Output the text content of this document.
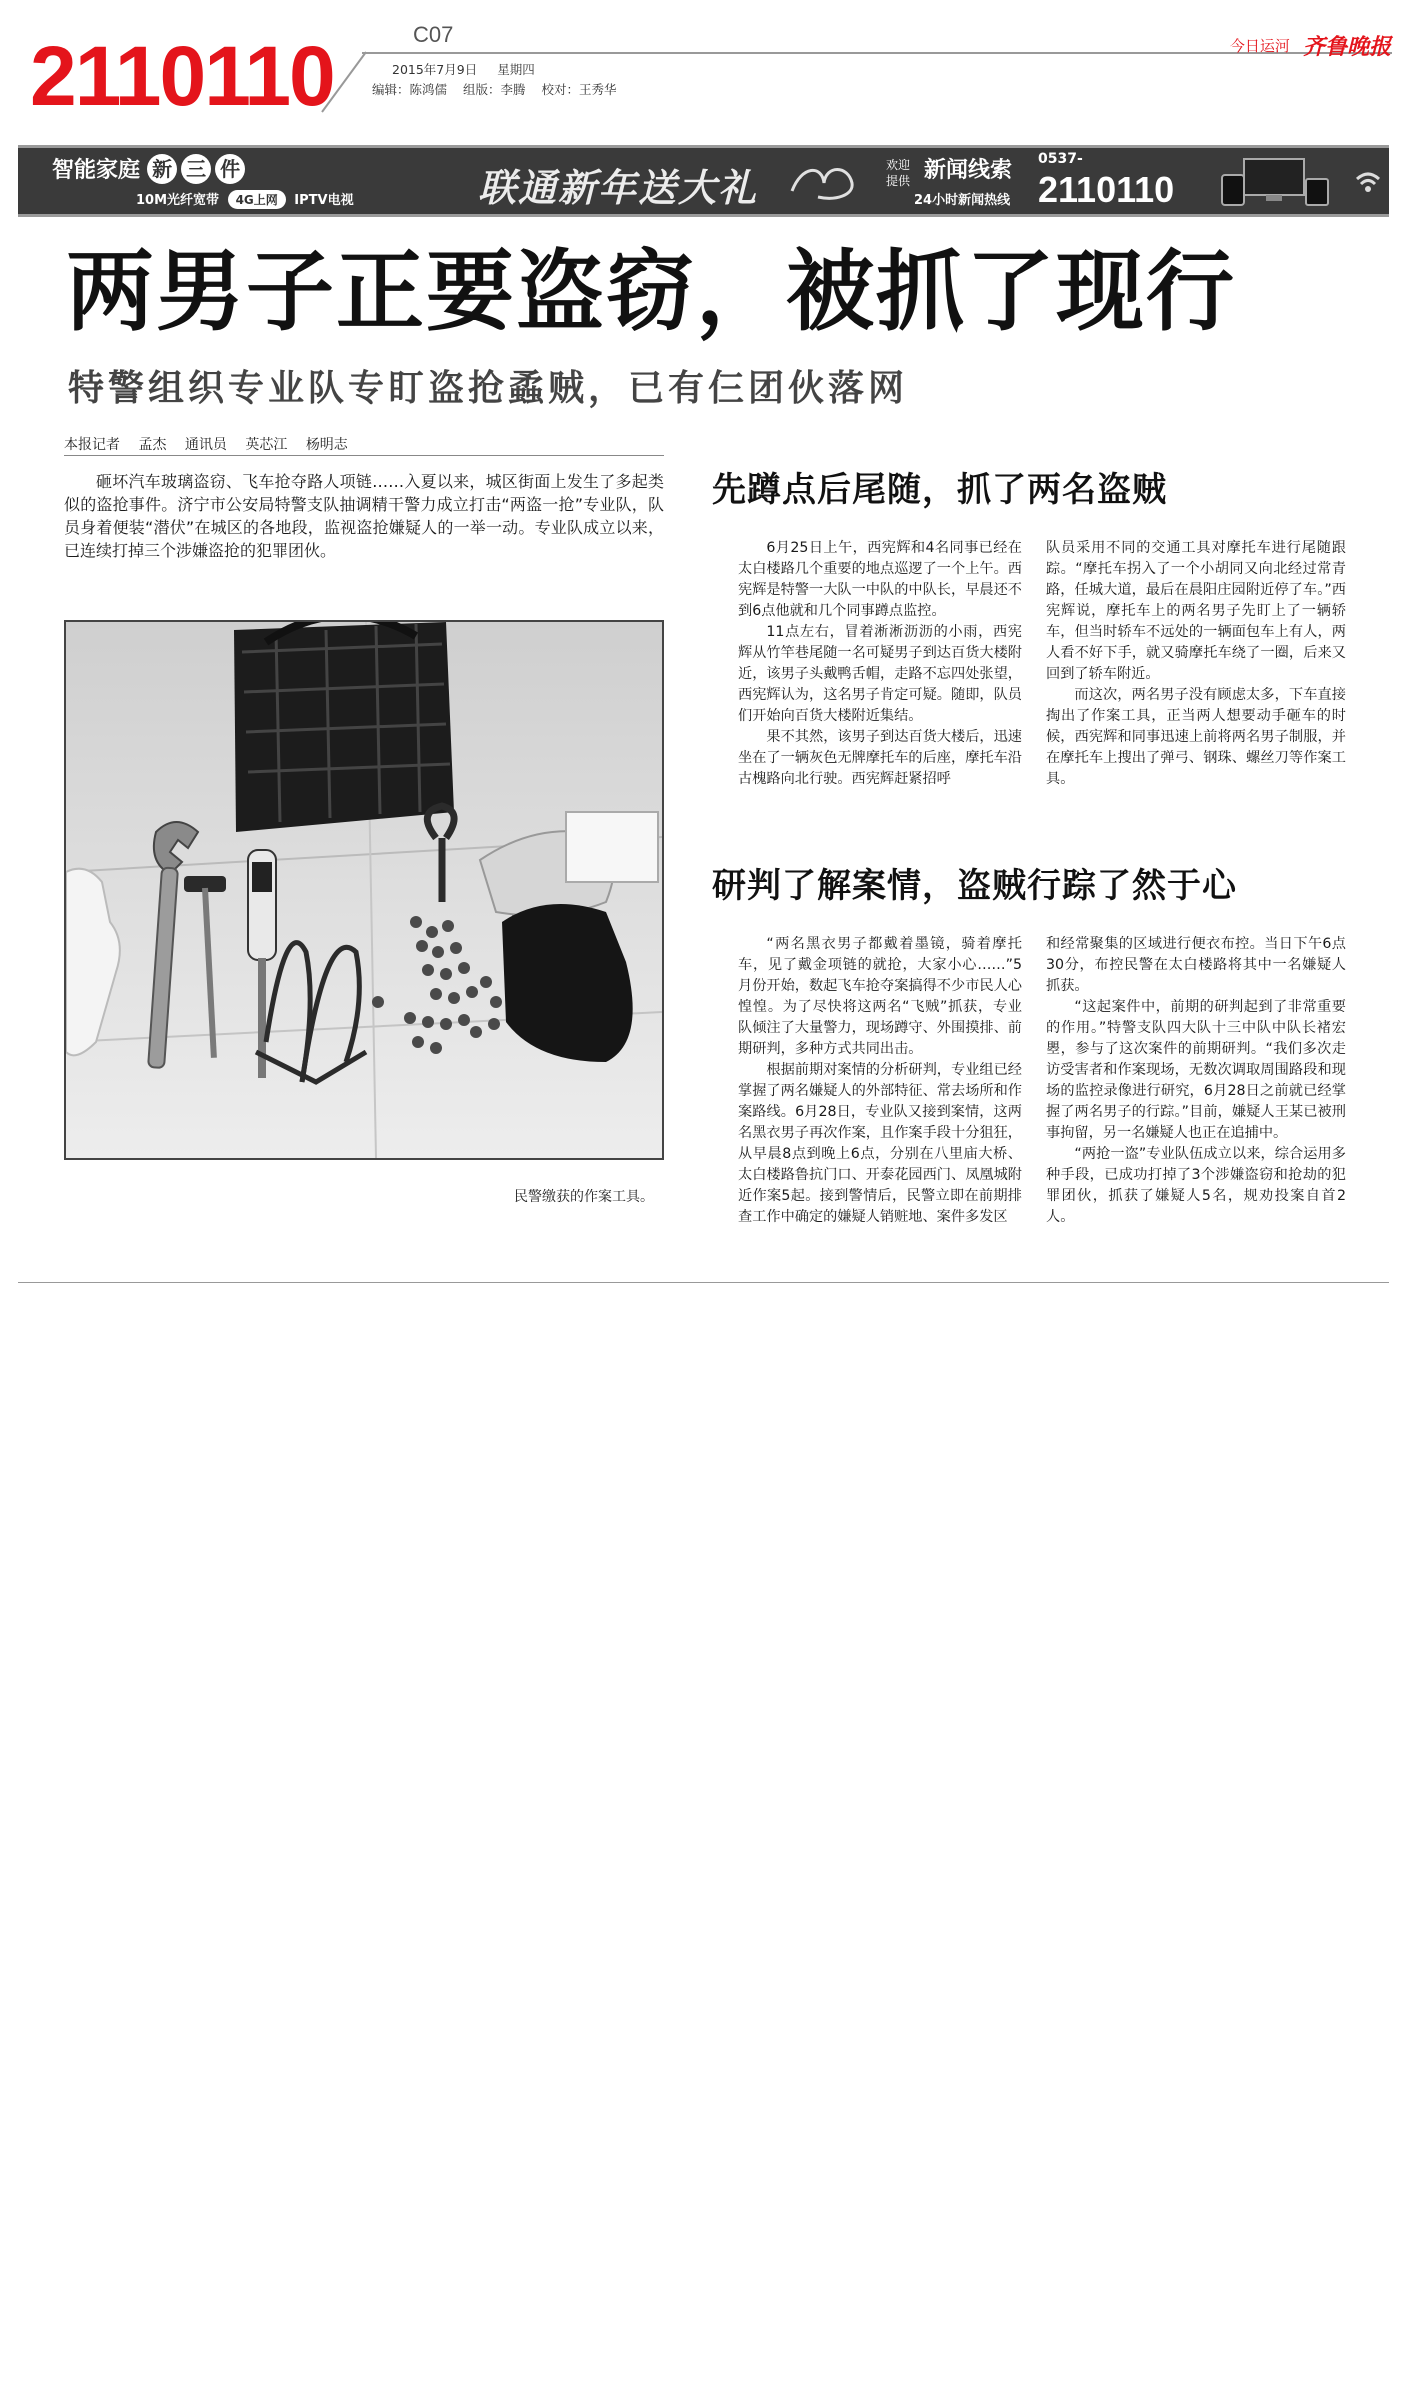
2110110	C07
2015年7月9日 星期四
编辑：陈鸿儒 组版：李腾 校对：王秀华
今日运河 齐鲁晚报
智能家庭 新 三 件
10M光纤宽带 4G上网 IPTV电视	联通新年送大礼	欢迎提供 新闻线索
24小时新闻热线
0537-
2110110
两男子正要盗窃，被抓了现行
特警组织专业队专盯盗抢蟊贼，已有仨团伙落网
本报记者 孟杰 通讯员 英芯江 杨明志

砸坏汽车玻璃盗窃、飞车抢夺路人项链……入夏以来，城区街面上发生了多起类似的盗抢事件。济宁市公安局特警支队抽调精干警力成立打击“两盗一抢”专业队，队员身着便装“潜伏”在城区的各地段，监视盗抢嫌疑人的一举一动。专业队成立以来，已连续打掉三个涉嫌盗抢的犯罪团伙。

民警缴获的作案工具。
先蹲点后尾随，抓了两名盗贼

6月25日上午，西宪辉和4名同事已经在太白楼路几个重要的地点巡逻了一个上午。西宪辉是特警一大队一中队的中队长，早晨还不到6点他就和几个同事蹲点监控。

11点左右，冒着淅淅沥沥的小雨，西宪辉从竹竿巷尾随一名可疑男子到达百货大楼附近，该男子头戴鸭舌帽，走路不忘四处张望，西宪辉认为，这名男子肯定可疑。随即，队员们开始向百货大楼附近集结。

果不其然，该男子到达百货大楼后，迅速坐在了一辆灰色无牌摩托车的后座，摩托车沿古槐路向北行驶。西宪辉赶紧招呼

队员采用不同的交通工具对摩托车进行尾随跟踪。“摩托车拐入了一个小胡同又向北经过常青路，任城大道，最后在晨阳庄园附近停了车。”西宪辉说，摩托车上的两名男子先盯上了一辆轿车，但当时轿车不远处的一辆面包车上有人，两人看不好下手，就又骑摩托车绕了一圈，后来又回到了轿车附近。

而这次，两名男子没有顾虑太多，下车直接掏出了作案工具，正当两人想要动手砸车的时候，西宪辉和同事迅速上前将两名男子制服，并在摩托车上搜出了弹弓、钢珠、螺丝刀等作案工具。

研判了解案情，盗贼行踪了然于心

“两名黑衣男子都戴着墨镜，骑着摩托车，见了戴金项链的就抢，大家小心……”5月份开始，数起飞车抢夺案搞得不少市民人心惶惶。为了尽快将这两名“飞贼”抓获，专业队倾注了大量警力，现场蹲守、外围摸排、前期研判，多种方式共同出击。

根据前期对案情的分析研判，专业组已经掌握了两名嫌疑人的外部特征、常去场所和作案路线。6月28日，专业队又接到案情，这两名黑衣男子再次作案，且作案手段十分狙狂，从早晨8点到晚上6点，分别在八里庙大桥、太白楼路鲁抗门口、开泰花园西门、凤凰城附近作案5起。接到警情后，民警立即在前期排查工作中确定的嫌疑人销赃地、案件多发区

和经常聚集的区域进行便衣布控。当日下午6点30分，布控民警在太白楼路将其中一名嫌疑人抓获。

“这起案件中，前期的研判起到了非常重要的作用。”特警支队四大队十三中队中队长褚宏瞾，参与了这次案件的前期研判。“我们多次走访受害者和作案现场，无数次调取周围路段和现场的监控录像进行研究，6月28日之前就已经掌握了两名男子的行踪。”目前，嫌疑人王某已被刑事拘留，另一名嫌疑人也正在追捕中。

“两抢一盗”专业队伍成立以来，综合运用多种手段，已成功打掉了3个涉嫌盗窃和抢劫的犯罪团伙，抓获了嫌疑人5名，规劝投案自首2人。
